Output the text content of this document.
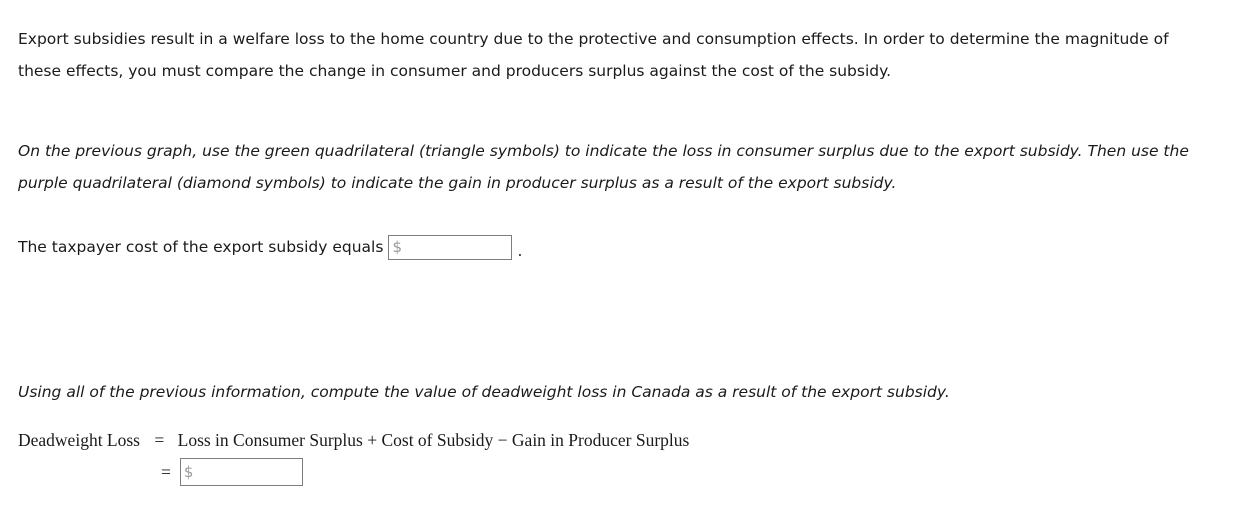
Export subsidies result in a welfare loss to the home country due to the protective and consumption effects. In order to determine the magnitude of
these effects, you must compare the change in consumer and producers surplus against the cost of the subsidy.
On the previous graph, use the green quadrilateral (triangle symbols) to indicate the loss in consumer surplus due to the export subsidy. Then use the
purple quadrilateral (diamond symbols) to indicate the gain in producer surplus as a result of the export subsidy.
The taxpayer cost of the export subsidy equals $	.
Using all of the previous information, compute the value of deadweight loss in Canada as a result of the export subsidy.
Deadweight Loss = Loss in Consumer Surplus + Cost of Subsidy − Gain in Producer Surplus
= $
